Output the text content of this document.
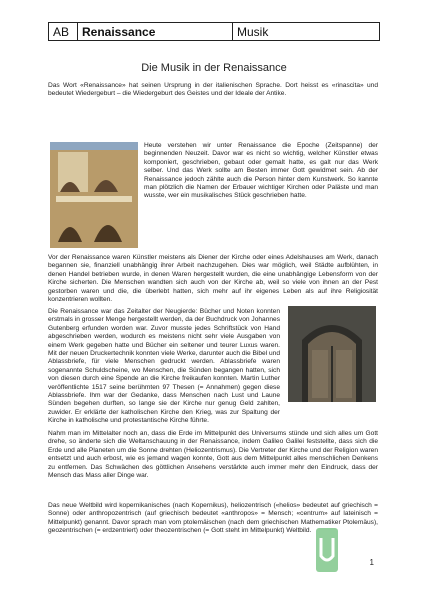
AB	Renaissance	Musik
Die Musik in der Renaissance

Das Wort «Renaissance» hat seinen Ursprung in der italienischen Sprache. Dort heisst es «rinascita» und bedeutet Wiedergeburt – die Wiedergeburt des Geistes und der Ideale der Antike.

Heute verstehen wir unter Renaissance die Epoche (Zeitspanne) der beginnenden Neuzeit. Davor war es nicht so wichtig, welcher Künstler etwas komponiert, geschrieben, gebaut oder gemalt hatte, es galt nur das Werk selber. Und das Werk sollte am Besten immer Gott gewidmet sein. Ab der Renaissance jedoch zählte auch die Person hinter dem Kunstwerk. So kannte man plötzlich die Namen der Erbauer wichtiger Kirchen oder Paläste und man wusste, wer ein musikalisches Stück geschrieben hatte.

Vor der Renaissance waren Künstler meistens als Diener der Kirche oder eines Adelshauses am Werk, danach begannen sie, finanziell unabhängig ihrer Arbeit nachzugehen. Dies war möglich, weil Städte aufblühten, in denen Handel betrieben wurde, in denen Waren hergestellt wurden, die eine unabhängige Lebensform von der Kirche sicherten. Die Menschen wandten sich auch von der Kirche ab, weil so viele von ihnen an der Pest gestorben waren und die, die überlebt hatten, sich mehr auf ihr eigenes Leben als auf ihre Religiosität konzentrieren wollten.

Die Renaissance war das Zeitalter der Neugierde: Bücher und Noten konnten erstmals in grosser Menge hergestellt werden, da der Buchdruck von Johannes Gutenberg erfunden worden war. Zuvor musste jedes Schriftstück von Hand abgeschrieben werden, wodurch es meistens nicht sehr viele Ausgaben von einem Werk gegeben hatte und Bücher ein seltener und teurer Luxus waren. Mit der neuen Druckertechnik konnten viele Werke, darunter auch die Bibel und Ablassbriefe, für viele Menschen gedruckt werden. Ablassbriefe waren sogenannte Schuldscheine, wo Menschen, die Sünden begangen hatten, sich von diesen durch eine Spende an die Kirche freikaufen konnten. Martin Luther veröffentlichte 1517 seine berühmten 97 Thesen (= Annahmen) gegen diese Ablassbriefe. Ihm war der Gedanke, dass Menschen nach Lust und Laune Sünden begehen durften, so lange sie der Kirche nur genug Geld zahlten, zuwider. Er erklärte der katholischen Kirche den Krieg, was zur Spaltung der Kirche in katholische und protestantische Kirche führte.

Nahm man im Mittelalter noch an, dass die Erde im Mittelpunkt des Universums stünde und sich alles um Gott drehe, so änderte sich die Weltanschauung in der Renaissance, indem Galileo Galilei feststellte, dass sich die Erde und alle Planeten um die Sonne drehten (Heliozentrismus). Die Vertreter der Kirche und der Religion waren entsetzt und auch erbost, wie es jemand wagen konnte, Gott aus dem Mittelpunkt alles menschlichen Denkens zu entfernen. Das Schwächen des göttlichen Ansehens verstärkte auch immer mehr den Eindruck, dass der Mensch das Mass aller Dinge war.

Das neue Weltbild wird kopernikanisches (nach Kopernikus), heliozentrisch («helios» bedeutet auf griechisch = Sonne) oder anthropozentrisch (auf griechisch bedeutet «anthropos» = Mensch; «centrum» auf lateinisch = Mittelpunkt) genannt. Davor sprach man vom ptolemäischen (nach dem griechischen Mathematiker Ptolemäus), geozentrischen (= erdzentriert) oder theozentrischen (= Gott steht im Mittelpunkt) Weltbild.

1
